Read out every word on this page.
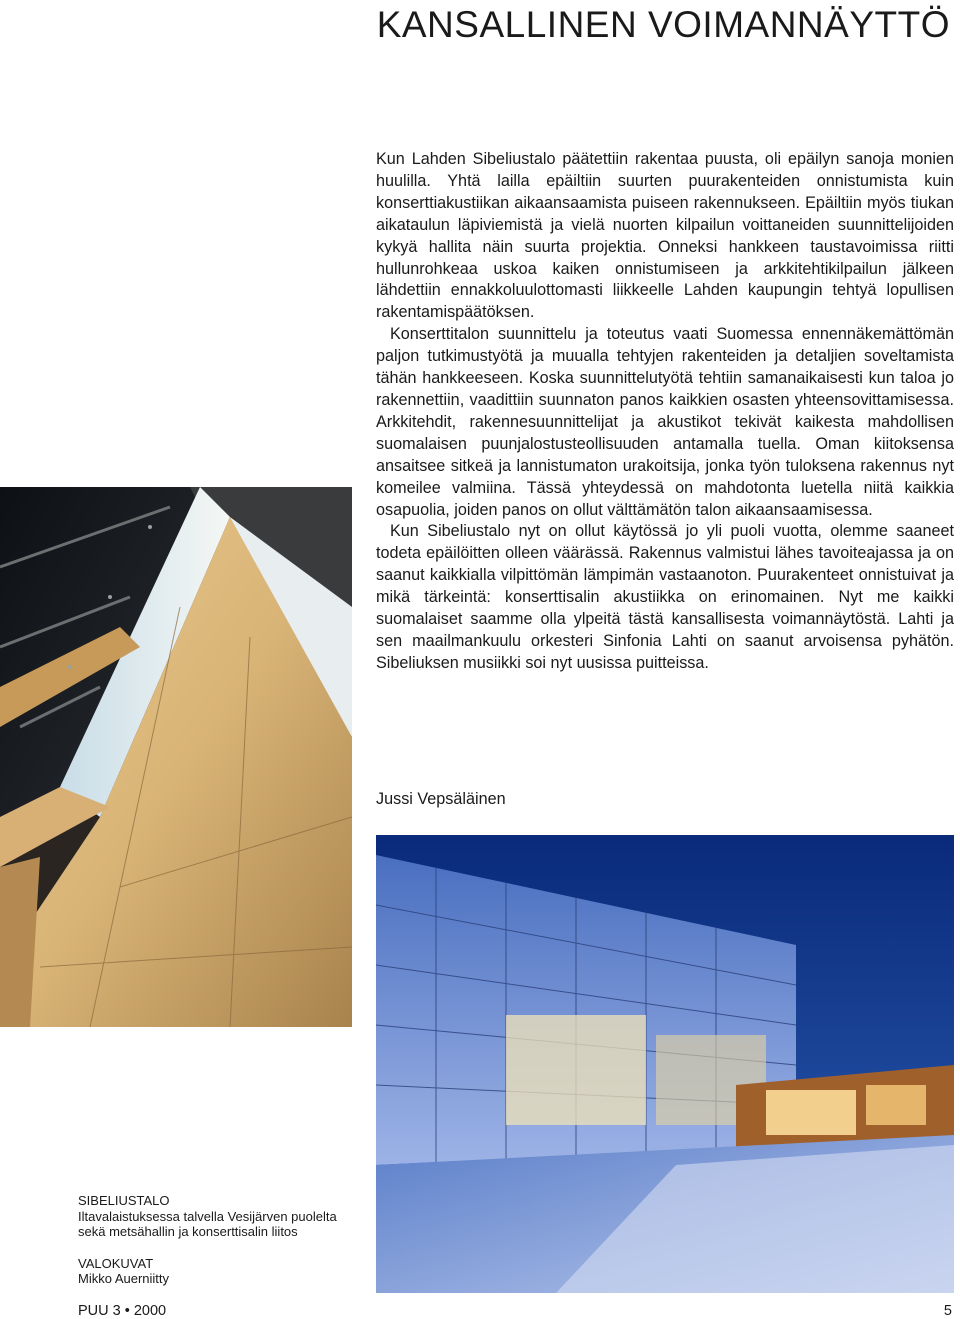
KANSALLINEN VOIMANNÄYTTÖ

Kun Lahden Sibeliustalo päätettiin rakentaa puusta, oli epäilyn sanoja monien huulilla. Yhtä lailla epäiltiin suurten puurakenteiden onnistumista kuin konserttiakustiikan aikaansaamista puiseen rakennukseen. Epäiltiin myös tiukan aikataulun läpiviemistä ja vielä nuorten kilpailun voittaneiden suunnittelijoiden kykyä hallita näin suurta projektia. Onneksi hankkeen taustavoimissa riitti hullunrohkeaa uskoa kaiken onnistumiseen ja arkkitehtikilpailun jälkeen lähdettiin ennakkoluulottomasti liikkeelle Lahden kaupungin tehtyä lopullisen rakentamispäätöksen.

Konserttitalon suunnittelu ja toteutus vaati Suomessa ennennäkemättömän paljon tutkimustyötä ja muualla tehtyjen rakenteiden ja detaljien soveltamista tähän hankkeeseen. Koska suunnittelutyötä tehtiin samanaikaisesti kun taloa jo rakennettiin, vaadittiin suunnaton panos kaikkien osasten yhteensovittamisessa. Arkkitehdit, rakennesuunnittelijat ja akustikot tekivät kaikesta mahdollisen suomalaisen puunjalostusteollisuuden antamalla tuella. Oman kiitoksensa ansaitsee sitkeä ja lannistumaton urakoitsija, jonka työn tuloksena rakennus nyt komeilee valmiina. Tässä yhteydessä on mahdotonta luetella niitä kaikkia osapuolia, joiden panos on ollut välttämätön talon aikaansaamisessa.

Kun Sibeliustalo nyt on ollut käytössä jo yli puoli vuotta, olemme saaneet todeta epäilöitten olleen väärässä. Rakennus valmistui lähes tavoiteajassa ja on saanut kaikkialla vilpittömän lämpimän vastaanoton. Puurakenteet onnistuivat ja mikä tärkeintä: konserttisalin akustiikka on erinomainen. Nyt me kaikki suomalaiset saamme olla ylpeitä tästä kansallisesta voimannäytöstä. Lahti ja sen maailmankuulu orkesteri Sinfonia Lahti on saanut arvoisensa pyhätön. Sibeliuksen musiikki soi nyt uusissa puitteissa.

Jussi Vepsäläinen
SIBELIUSTALO
Iltavalaistuksessa talvella Vesijärven puolelta
sekä metsähallin ja konserttisalin liitos
VALOKUVAT
Mikko Auerniitty
PUU 3 • 2000	5
